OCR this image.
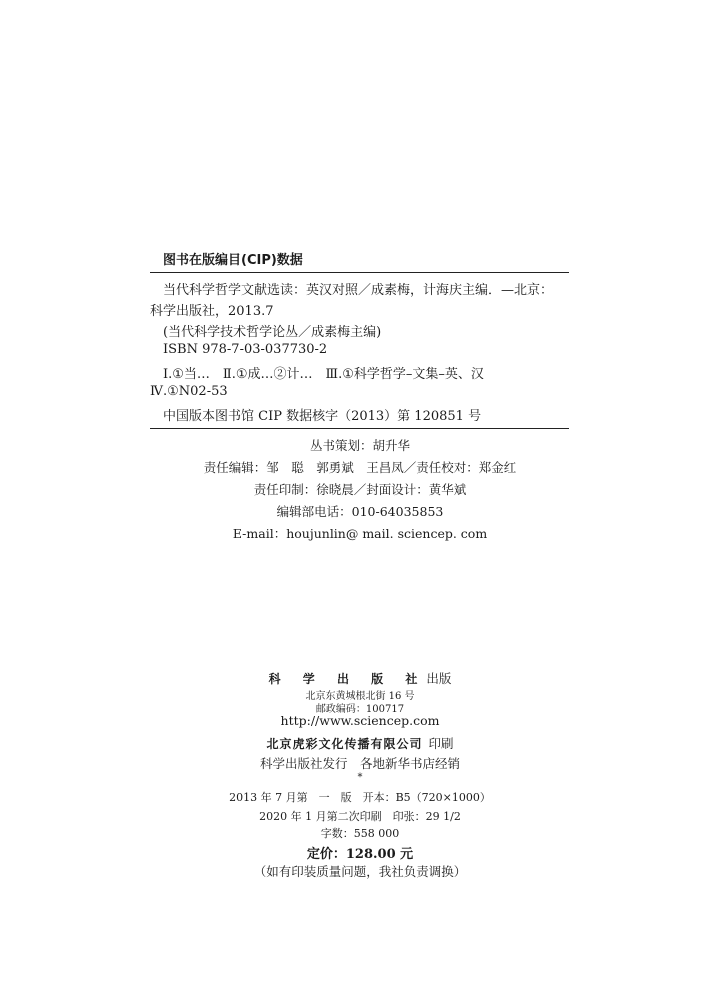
图书在版编目(CIP)数据
当代科学哲学文献选读：英汉对照／成素梅，计海庆主编．—北京：
科学出版社，2013.7
(当代科学技术哲学论丛／成素梅主编)
ISBN 978-7-03-037730-2
Ⅰ.①当…　Ⅱ.①成…②计…　Ⅲ.①科学哲学–文集–英、汉
Ⅳ.①N02-53
中国版本图书馆 CIP 数据核字（2013）第 120851 号
丛书策划：胡升华
责任编辑：邹　聪　郭勇斌　王昌凤／责任校对：郑金红
责任印制：徐晓晨／封面设计：黄华斌
编辑部电话：010-64035853
E-mail：houjunlin@ mail. sciencep. com
科 学 出 版 社出版
北京东黄城根北街 16 号
邮政编码：100717
http://www.sciencep.com
北京虎彩文化传播有限公司 印刷
科学出版社发行　各地新华书店经销
*
2013 年 7 月第　一　版　开本：B5（720×1000）
2020 年 1 月第二次印刷　印张：29 1/2
字数：558 000
定价：128.00 元
（如有印装质量问题，我社负责调换）
